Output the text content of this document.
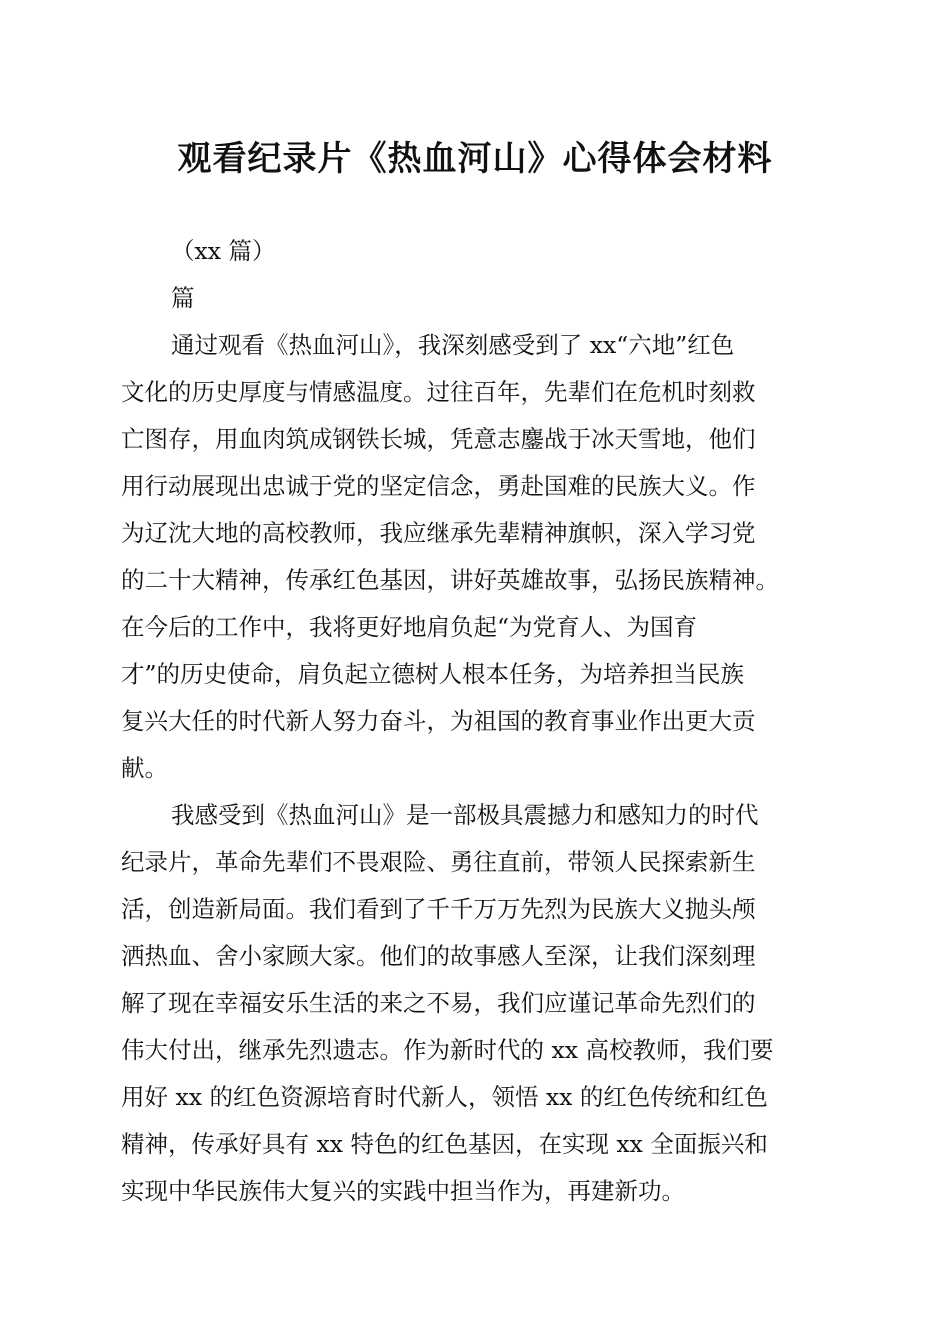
观看纪录片《热血河山》心得体会材料
（xx 篇）
篇
通过观看《热血河山》，我深刻感受到了 xx“六地”红色
文化的历史厚度与情感温度。过往百年，先辈们在危机时刻救
亡图存，用血肉筑成钢铁长城，凭意志鏖战于冰天雪地，他们
用行动展现出忠诚于党的坚定信念，勇赴国难的民族大义。作
为辽沈大地的高校教师，我应继承先辈精神旗帜，深入学习党
的二十大精神，传承红色基因，讲好英雄故事，弘扬民族精神。
在今后的工作中，我将更好地肩负起“为党育人、为国育
才”的历史使命，肩负起立德树人根本任务，为培养担当民族
复兴大任的时代新人努力奋斗，为祖国的教育事业作出更大贡
献。
我感受到《热血河山》是一部极具震撼力和感知力的时代
纪录片，革命先辈们不畏艰险、勇往直前，带领人民探索新生
活，创造新局面。我们看到了千千万万先烈为民族大义抛头颅
洒热血、舍小家顾大家。他们的故事感人至深，让我们深刻理
解了现在幸福安乐生活的来之不易，我们应谨记革命先烈们的
伟大付出，继承先烈遗志。作为新时代的 xx 高校教师，我们要
用好 xx 的红色资源培育时代新人，领悟 xx 的红色传统和红色
精神，传承好具有 xx 特色的红色基因，在实现 xx 全面振兴和
实现中华民族伟大复兴的实践中担当作为，再建新功。
